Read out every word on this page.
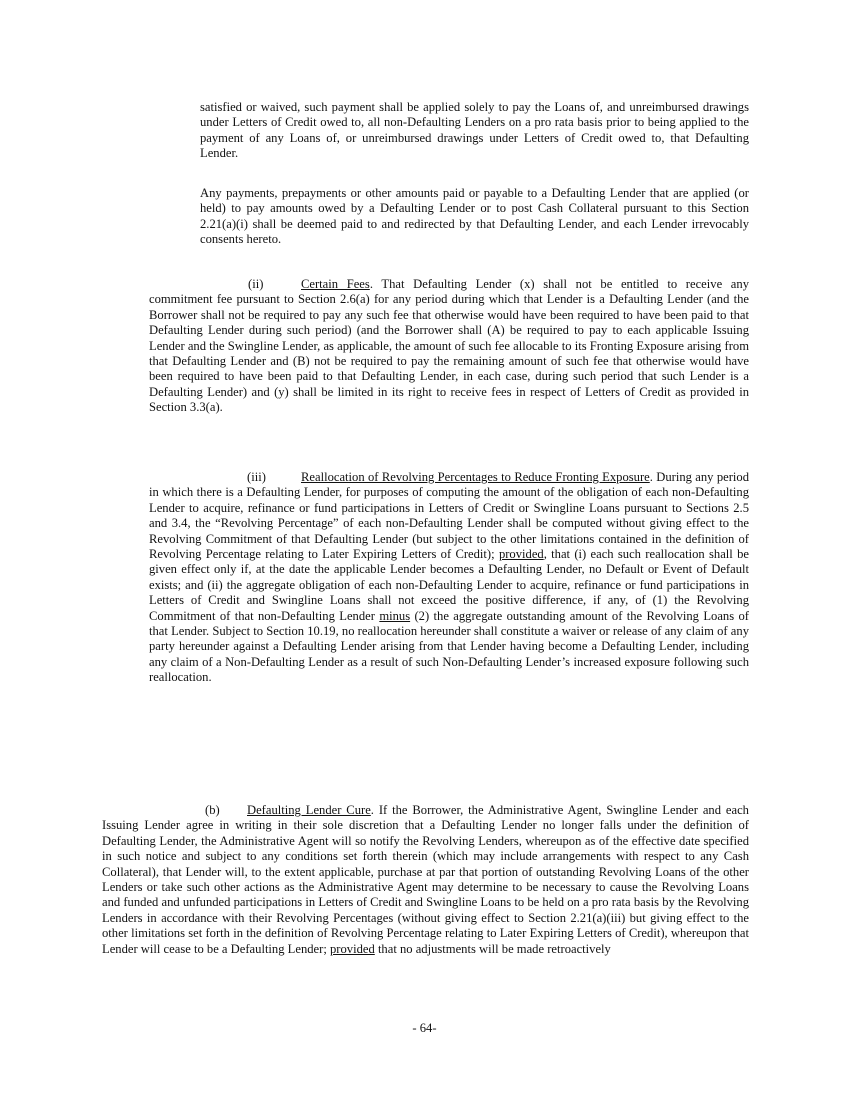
satisfied or waived, such payment shall be applied solely to pay the Loans of, and unreimbursed drawings under Letters of Credit owed to, all non-Defaulting Lenders on a pro rata basis prior to being applied to the payment of any Loans of, or unreimbursed drawings under Letters of Credit owed to, that Defaulting Lender.

Any payments, prepayments or other amounts paid or payable to a Defaulting Lender that are applied (or held) to pay amounts owed by a Defaulting Lender or to post Cash Collateral pursuant to this Section 2.21(a)(i) shall be deemed paid to and redirected by that Defaulting Lender, and each Lender irrevocably consents hereto.

(ii)	Certain Fees. That Defaulting Lender (x) shall not be entitled to receive any commitment fee pursuant to Section 2.6(a) for any period during which that Lender is a Defaulting Lender (and the Borrower shall not be required to pay any such fee that otherwise would have been required to have been paid to that Defaulting Lender during such period) (and the Borrower shall (A) be required to pay to each applicable Issuing Lender and the Swingline Lender, as applicable, the amount of such fee allocable to its Fronting Exposure arising from that Defaulting Lender and (B) not be required to pay the remaining amount of such fee that otherwise would have been required to have been paid to that Defaulting Lender, in each case, during such period that such Lender is a Defaulting Lender) and (y) shall be limited in its right to receive fees in respect of Letters of Credit as provided in Section 3.3(a).

(iii)	Reallocation of Revolving Percentages to Reduce Fronting Exposure. During any period in which there is a Defaulting Lender, for purposes of computing the amount of the obligation of each non-Defaulting Lender to acquire, refinance or fund participations in Letters of Credit or Swingline Loans pursuant to Sections 2.5 and 3.4, the “Revolving Percentage” of each non-Defaulting Lender shall be computed without giving effect to the Revolving Commitment of that Defaulting Lender (but subject to the other limitations contained in the definition of Revolving Percentage relating to Later Expiring Letters of Credit); provided, that (i) each such reallocation shall be given effect only if, at the date the applicable Lender becomes a Defaulting Lender, no Default or Event of Default exists; and (ii) the aggregate obligation of each non-Defaulting Lender to acquire, refinance or fund participations in Letters of Credit and Swingline Loans shall not exceed the positive difference, if any, of (1) the Revolving Commitment of that non-Defaulting Lender minus (2) the aggregate outstanding amount of the Revolving Loans of that Lender. Subject to Section 10.19, no reallocation hereunder shall constitute a waiver or release of any claim of any party hereunder against a Defaulting Lender arising from that Lender having become a Defaulting Lender, including any claim of a Non-Defaulting Lender as a result of such Non-Defaulting Lender’s increased exposure following such reallocation.

(b) Defaulting Lender Cure. If the Borrower, the Administrative Agent, Swingline Lender and each Issuing Lender agree in writing in their sole discretion that a Defaulting Lender no longer falls under the definition of Defaulting Lender, the Administrative Agent will so notify the Revolving Lenders, whereupon as of the effective date specified in such notice and subject to any conditions set forth therein (which may include arrangements with respect to any Cash Collateral), that Lender will, to the extent applicable, purchase at par that portion of outstanding Revolving Loans of the other Lenders or take such other actions as the Administrative Agent may determine to be necessary to cause the Revolving Loans and funded and unfunded participations in Letters of Credit and Swingline Loans to be held on a pro rata basis by the Revolving Lenders in accordance with their Revolving Percentages (without giving effect to Section 2.21(a)(iii) but giving effect to the other limitations set forth in the definition of Revolving Percentage relating to Later Expiring Letters of Credit), whereupon that Lender will cease to be a Defaulting Lender; provided that no adjustments will be made retroactively

- 64-
